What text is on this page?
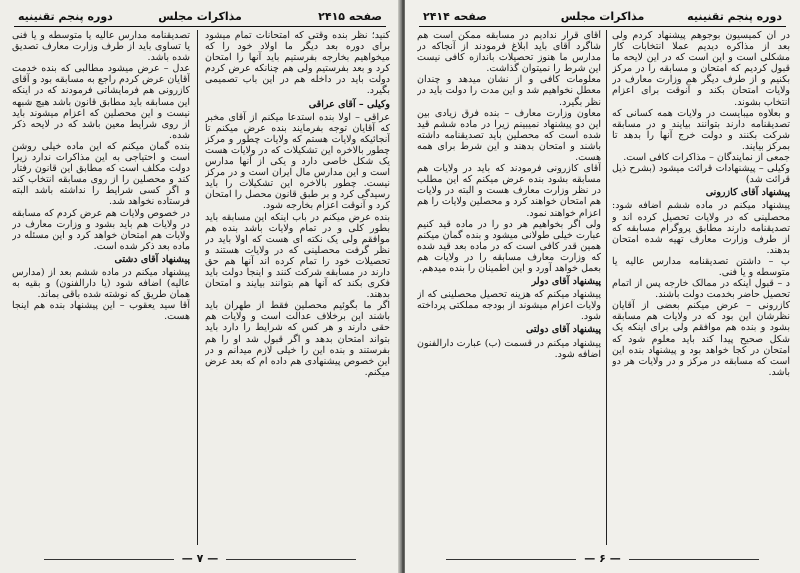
صفحه ۲۴۱۵
مذاکرات مجلس
دوره پنجم تقنینیه

کنید؛ نظر بنده وقتی که امتحانات تمام میشود برای دوره بعد دیگر ما اولاد خود را که میخواهیم بخارجه بفرستیم باید آنها را امتحان کرد و بعد بفرستیم ولی هم چنانکه عرض کردم دولت باید در داخله هم در این باب تصمیمی بگیرد.

وکیلی – آقای عراقی

عراقی – اولا بنده استدعا میکنم از آقای مخبر که آقایان توجه بفرمایند بنده عرض میکنم تا آنجائیکه ولایات هستم که ولایات چطور و مرکز چطور بالاخره این تشکیلات که در ولایات هست یک شکل خاصی دارد و یکی از آنها مدارس است و این مدارس مال ایران است و در مرکز نیست. چطور بالاخره این تشکیلات را باید رسیدگی کرد و بر طبق قانون محصل را امتحان کرد و آنوقت اعزام بخارجه شود.

بنده عرض میکنم در باب اینکه این مسابقه باید بطور کلی و در تمام ولایات باشد بنده هم موافقم ولی یک نکته ای هست که اولا باید در نظر گرفت محصلینی که در ولایات هستند و تحصیلات خود را تمام کرده اند آنها هم حق دارند در مسابقه شرکت کنند و اینجا دولت باید فکری بکند که آنها هم بتوانند بیایند و امتحان بدهند.

اگر ما بگوئیم محصلین فقط از طهران باید باشند این برخلاف عدالت است و ولایات هم حقی دارند و هر کس که شرایط را دارد باید بتواند امتحان بدهد و اگر قبول شد او را هم بفرستند و بنده این را خیلی لازم میدانم و در این خصوص پیشنهادی هم داده ام که بعد عرض میکنم.

تصدیقنامه مدارس عالیه یا متوسطه و یا فنی یا تساوی باید از طرف وزارت معارف تصدیق شده باشد.

عدل – عرض میشود مطالبی که بنده خدمت آقایان عرض کردم راجع به مسابقه بود و آقای کازرونی هم فرمایشاتی فرمودند که در اینکه این مسابقه باید مطابق قانون باشد هیچ شبهه نیست و این محصلین که اعزام میشوند باید از روی شرایط معین باشد که در لایحه ذکر شده.

بنده گمان میکنم که این ماده خیلی روشن است و احتیاجی به این مذاکرات ندارد زیرا دولت مکلف است که مطابق این قانون رفتار کند و محصلین را از روی مسابقه انتخاب کند و اگر کسی شرایط را نداشته باشد البته فرستاده نخواهد شد.

در خصوص ولایات هم عرض کردم که مسابقه در ولایات هم باید بشود و وزارت معارف در ولایات هم امتحان خواهد کرد و این مسئله در ماده بعد ذکر شده است.

پیشنهاد آقای دشتی

پیشنهاد میکنم در ماده ششم بعد از (مدارس عالیه) اضافه شود (یا دارالفنون) و بقیه به همان طریق که نوشته شده باقی بماند.

آقا سید یعقوب – این پیشنهاد بنده هم اینجا هست.

— ۷ —
دوره پنجم تقنینیه
مذاکرات مجلس
صفحه ۲۴۱۴

در آن کمیسیون بوجوهم پیشنهاد کردم ولی بعد از مذاکره دیدیم عملا انتخابات کار مشکلی است و این است که در این لایحه ما قبول کردیم که امتحان و مسابقه را در مرکز بکنیم و از طرف دیگر هم وزارت معارف در ولایات امتحان بکند و آنوقت برای اعزام انتخاب بشوند.

و بعلاوه میبایست در ولایات همه کسانی که تصدیقنامه دارند بتوانند بیایند و در مسابقه شرکت بکنند و دولت خرج آنها را بدهد تا بمرکز بیایند.

جمعی از نمایندگان – مذاکرات کافی است.

وکیلی – پیشنهادات قرائت میشود (بشرح ذیل قرائت شد)

پیشنهاد آقای کازرونی

پیشنهاد میکنم در ماده ششم اضافه شود: محصلینی که در ولایات تحصیل کرده اند و تصدیقنامه دارند مطابق پروگرام مسابقه که از طرف وزارت معارف تهیه شده امتحان بدهند.

ب – داشتن تصدیقنامه مدارس عالیه یا متوسطه و یا فنی.

د – قبول اینکه در ممالک خارجه پس از اتمام تحصیل حاضر بخدمت دولت باشند.

کازرونی – عرض میکنم بعضی از آقایان نظرشان این بود که در ولایات هم مسابقه بشود و بنده هم موافقم ولی برای اینکه یک شکل صحیح پیدا کند باید معلوم شود که امتحان در کجا خواهد بود و پیشنهاد بنده این است که مسابقه در مرکز و در ولایات هر دو باشد.

آقای قرار ندادیم در مسابقه ممکن است هم شاگرد آقای باید ابلاغ فرمودند از آنجاکه در مدارس ما هنوز تحصیلات باندازه کافی نیست این شرط را نمیتوان گذاشت.

معلومات کافی و از نشان میدهد و چندان معطل نخواهیم شد و این مدت را دولت باید در نظر بگیرد.

معاون وزارت معارف – بنده فرق زیادی بین این دو پیشنهاد نمیبینم زیرا در ماده ششم قید شده است که محصلین باید تصدیقنامه داشته باشند و امتحان بدهند و این شرط برای همه هست.

آقای کازرونی فرمودند که باید در ولایات هم مسابقه بشود بنده عرض میکنم که این مطلب در نظر وزارت معارف هست و البته در ولایات هم امتحان خواهند کرد و محصلین ولایات را هم اعزام خواهند نمود.

ولی اگر بخواهیم هر دو را در ماده قید کنیم عبارت خیلی طولانی میشود و بنده گمان میکنم همین قدر کافی است که در ماده بعد قید شده که وزارت معارف مسابقه را در ولایات هم بعمل خواهد آورد و این اطمینان را بنده میدهم.

پیشنهاد آقای دولر

پیشنهاد میکنم که هزینه تحصیل محصلینی که از ولایات اعزام میشوند از بودجه مملکتی پرداخته شود.

پیشنهاد آقای دولتی

پیشنهاد میکنم در قسمت (ب) عبارت دارالفنون اضافه شود.

— ۶ —
